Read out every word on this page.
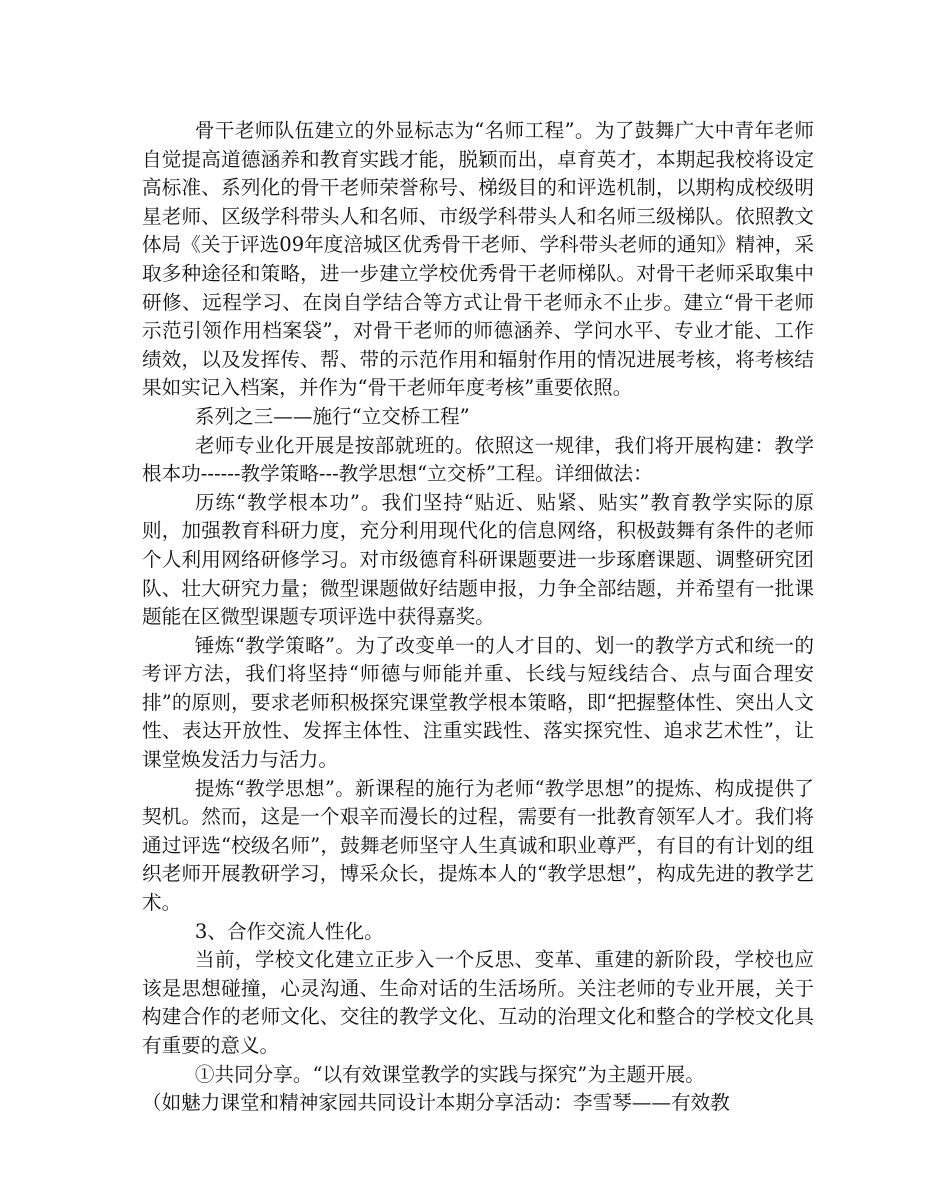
骨干老师队伍建立的外显标志为“名师工程”。为了鼓舞广大中青年老师自觉提高道德涵养和教育实践才能，脱颖而出，卓育英才，本期起我校将设定高标准、系列化的骨干老师荣誉称号、梯级目的和评选机制，以期构成校级明星老师、区级学科带头人和名师、市级学科带头人和名师三级梯队。依照教文体局《关于评选09年度涪城区优秀骨干老师、学科带头老师的通知》精神，采取多种途径和策略，进一步建立学校优秀骨干老师梯队。对骨干老师采取集中研修、远程学习、在岗自学结合等方式让骨干老师永不止步。建立“骨干老师示范引领作用档案袋”，对骨干老师的师德涵养、学问水平、专业才能、工作绩效，以及发挥传、帮、带的示范作用和辐射作用的情况进展考核，将考核结果如实记入档案，并作为“骨干老师年度考核”重要依照。

系列之三——施行“立交桥工程”

老师专业化开展是按部就班的。依照这一规律，我们将开展构建：教学根本功------教学策略---教学思想“立交桥”工程。详细做法：

历练“教学根本功”。我们坚持“贴近、贴紧、贴实”教育教学实际的原则，加强教育科研力度，充分利用现代化的信息网络，积极鼓舞有条件的老师个人利用网络研修学习。对市级德育科研课题要进一步琢磨课题、调整研究团队、壮大研究力量；微型课题做好结题申报，力争全部结题，并希望有一批课题能在区微型课题专项评选中获得嘉奖。

锤炼“教学策略”。为了改变单一的人才目的、划一的教学方式和统一的考评方法，我们将坚持“师德与师能并重、长线与短线结合、点与面合理安排”的原则，要求老师积极探究课堂教学根本策略，即“把握整体性、突出人文性、表达开放性、发挥主体性、注重实践性、落实探究性、追求艺术性”，让课堂焕发活力与活力。

提炼“教学思想”。新课程的施行为老师“教学思想”的提炼、构成提供了契机。然而，这是一个艰辛而漫长的过程，需要有一批教育领军人才。我们将通过评选“校级名师”，鼓舞老师坚守人生真诚和职业尊严，有目的有计划的组织老师开展教研学习，博采众长，提炼本人的“教学思想”，构成先进的教学艺术。

3、合作交流人性化。

当前，学校文化建立正步入一个反思、变革、重建的新阶段，学校也应该是思想碰撞，心灵沟通、生命对话的生活场所。关注老师的专业开展，关于构建合作的老师文化、交往的教学文化、互动的治理文化和整合的学校文化具有重要的意义。

①共同分享。“以有效课堂教学的实践与探究”为主题开展。

（如魅力课堂和精神家园共同设计本期分享活动：李雪琴——有效教
